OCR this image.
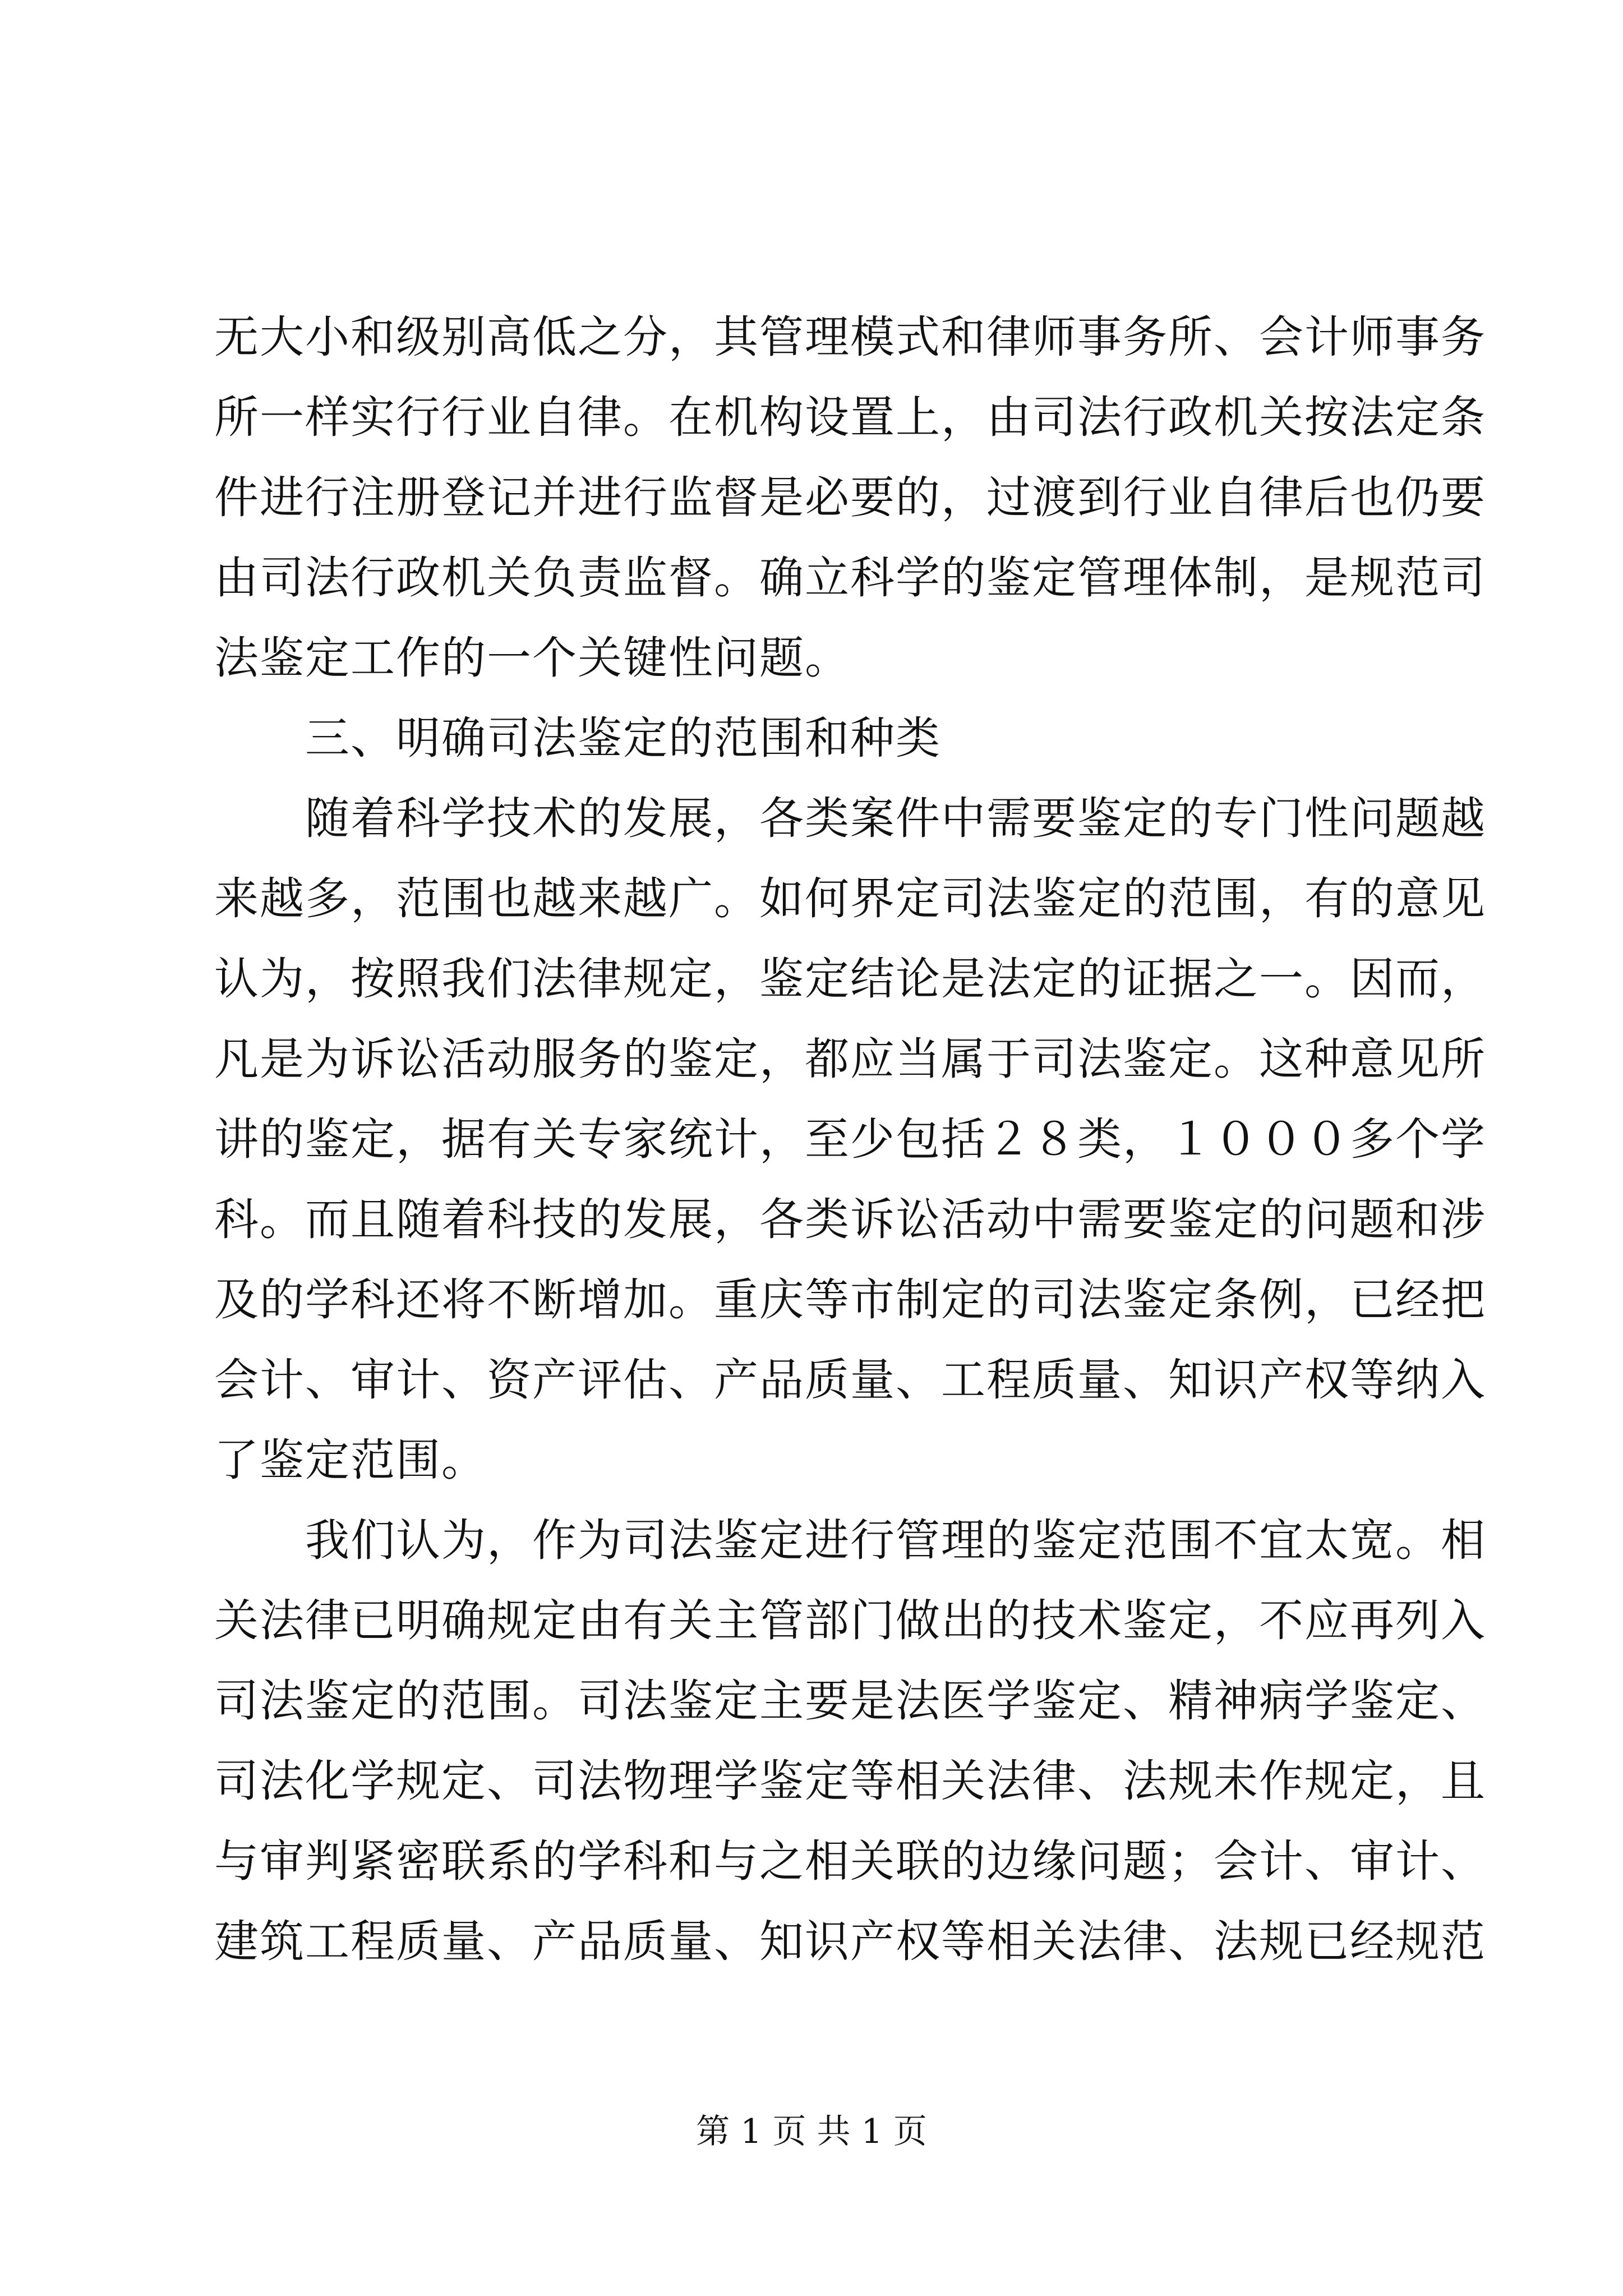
无大小和级别高低之分，其管理模式和律师事务所、会计师事务
所一样实行行业自律。在机构设置上，由司法行政机关按法定条
件进行注册登记并进行监督是必要的，过渡到行业自律后也仍要
由司法行政机关负责监督。确立科学的鉴定管理体制，是规范司
法鉴定工作的一个关键性问题。
　　三、明确司法鉴定的范围和种类
　　随着科学技术的发展，各类案件中需要鉴定的专门性问题越
来越多，范围也越来越广。如何界定司法鉴定的范围，有的意见
认为，按照我们法律规定，鉴定结论是法定的证据之一。因而，
凡是为诉讼活动服务的鉴定，都应当属于司法鉴定。这种意见所
讲的鉴定，据有关专家统计，至少包括２８类，１０００多个学
科。而且随着科技的发展，各类诉讼活动中需要鉴定的问题和涉
及的学科还将不断增加。重庆等市制定的司法鉴定条例，已经把
会计、审计、资产评估、产品质量、工程质量、知识产权等纳入
了鉴定范围。
　　我们认为，作为司法鉴定进行管理的鉴定范围不宜太宽。相
关法律已明确规定由有关主管部门做出的技术鉴定，不应再列入
司法鉴定的范围。司法鉴定主要是法医学鉴定、精神病学鉴定、
司法化学规定、司法物理学鉴定等相关法律、法规未作规定，且
与审判紧密联系的学科和与之相关联的边缘问题；会计、审计、
建筑工程质量、产品质量、知识产权等相关法律、法规已经规范
第 1 页 共 1 页
